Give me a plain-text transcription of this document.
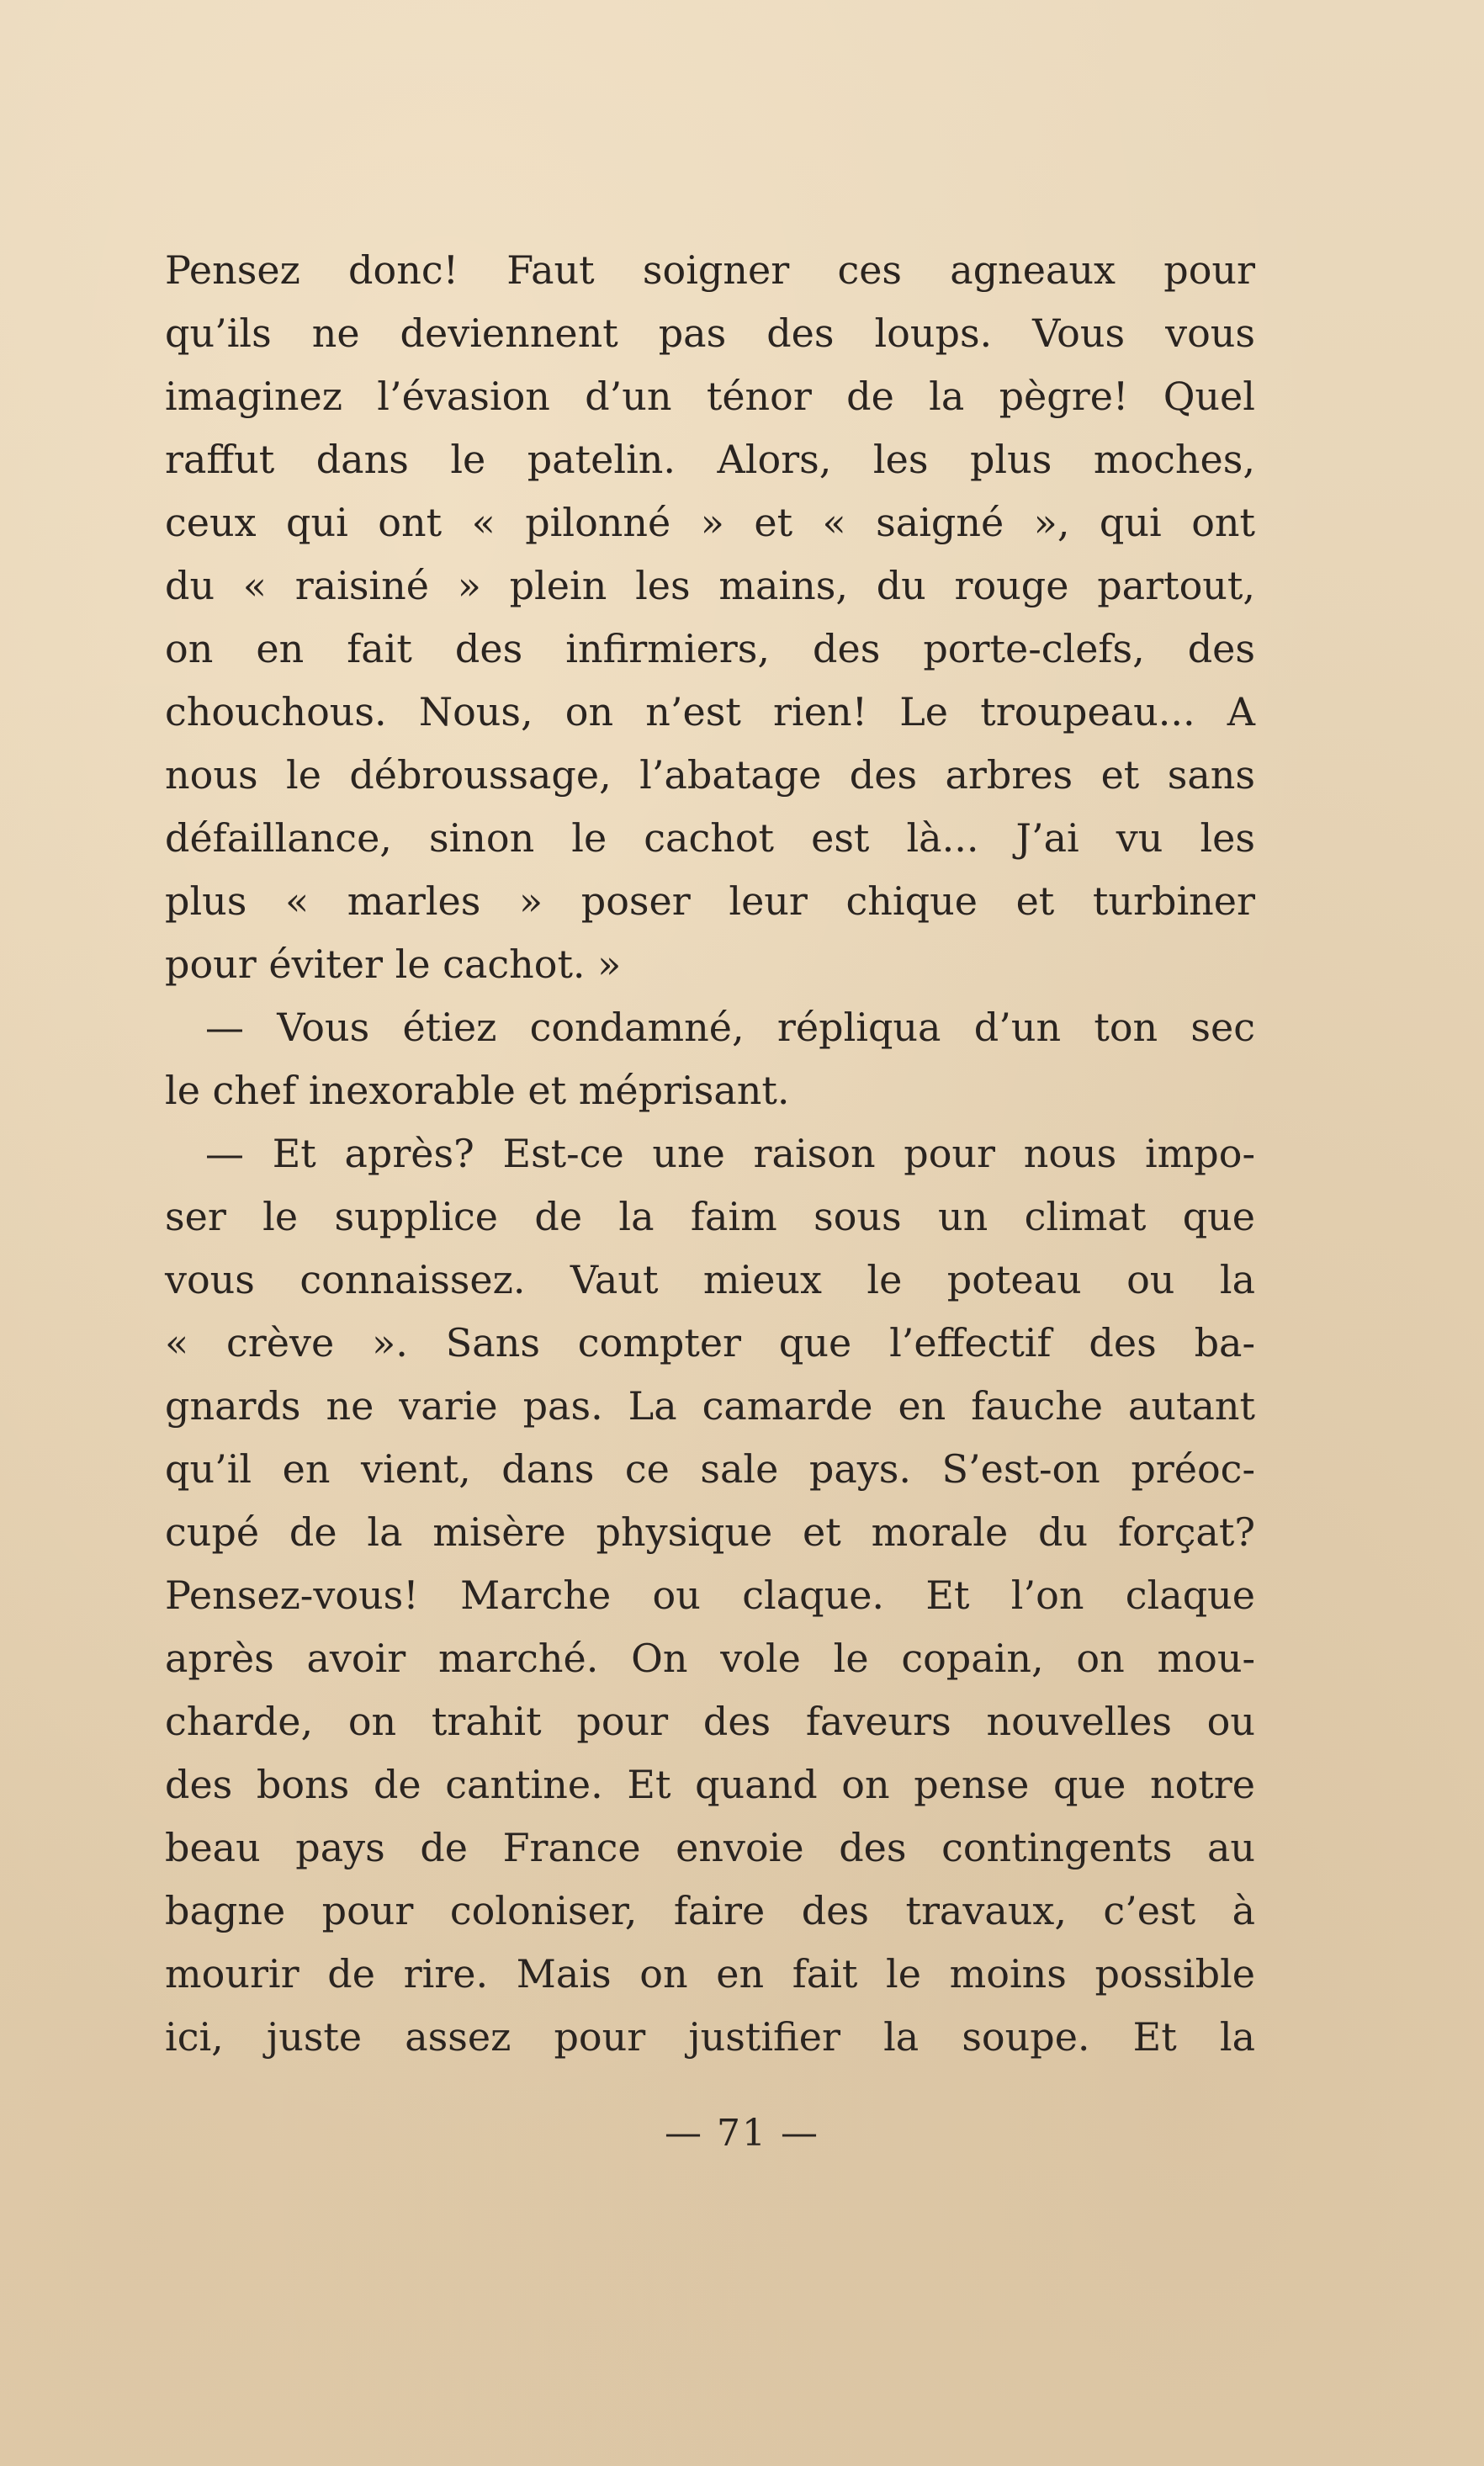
Pensez donc! Faut soigner ces agneaux pour
qu’ils ne deviennent pas des loups. Vous vous
imaginez l’évasion d’un ténor de la pègre! Quel
raffut dans le patelin. Alors, les plus moches,
ceux qui ont « pilonné » et « saigné », qui ont
du « raisiné » plein les mains, du rouge partout,
on en fait des infirmiers, des porte-clefs, des
chouchous. Nous, on n’est rien! Le troupeau... A
nous le débroussage, l’abatage des arbres et sans
défaillance, sinon le cachot est là... J’ai vu les
plus « marles » poser leur chique et turbiner
pour éviter le cachot. »
— Vous étiez condamné, répliqua d’un ton sec
le chef inexorable et méprisant.
— Et après? Est-ce une raison pour nous impo-
ser le supplice de la faim sous un climat que
vous connaissez. Vaut mieux le poteau ou la
« crève ». Sans compter que l’effectif des ba-
gnards ne varie pas. La camarde en fauche autant
qu’il en vient, dans ce sale pays. S’est-on préoc-
cupé de la misère physique et morale du forçat?
Pensez-vous! Marche ou claque. Et l’on claque
après avoir marché. On vole le copain, on mou-
charde, on trahit pour des faveurs nouvelles ou
des bons de cantine. Et quand on pense que notre
beau pays de France envoie des contingents au
bagne pour coloniser, faire des travaux, c’est à
mourir de rire. Mais on en fait le moins possible
ici, juste assez pour justifier la soupe. Et la
— 71 —
